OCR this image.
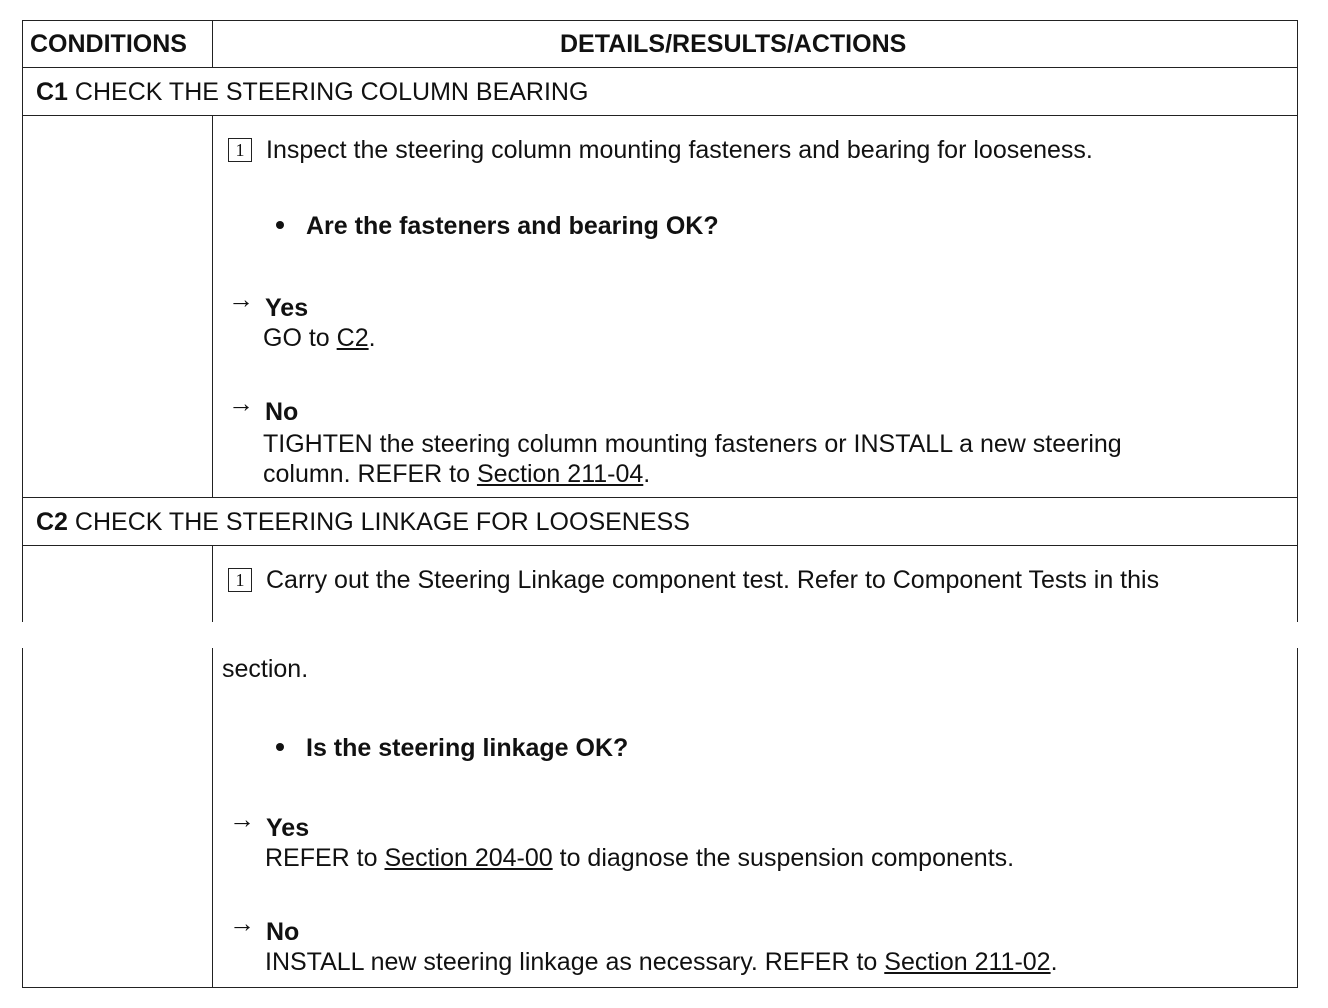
CONDITIONS	DETAILS/RESULTS/ACTIONS
C1 CHECK THE STEERING COLUMN BEARING
1 Inspect the steering column mounting fasteners and bearing for looseness.
Are the fasteners and bearing OK?
→ Yes
GO to C2.
→ No
TIGHTEN the steering column mounting fasteners or INSTALL a new steering
column. REFER to Section 211-04.
C2 CHECK THE STEERING LINKAGE FOR LOOSENESS
1 Carry out the Steering Linkage component test. Refer to Component Tests in this
section.
Is the steering linkage OK?
→ Yes
REFER to Section 204-00 to diagnose the suspension components.
→ No
INSTALL new steering linkage as necessary. REFER to Section 211-02.
